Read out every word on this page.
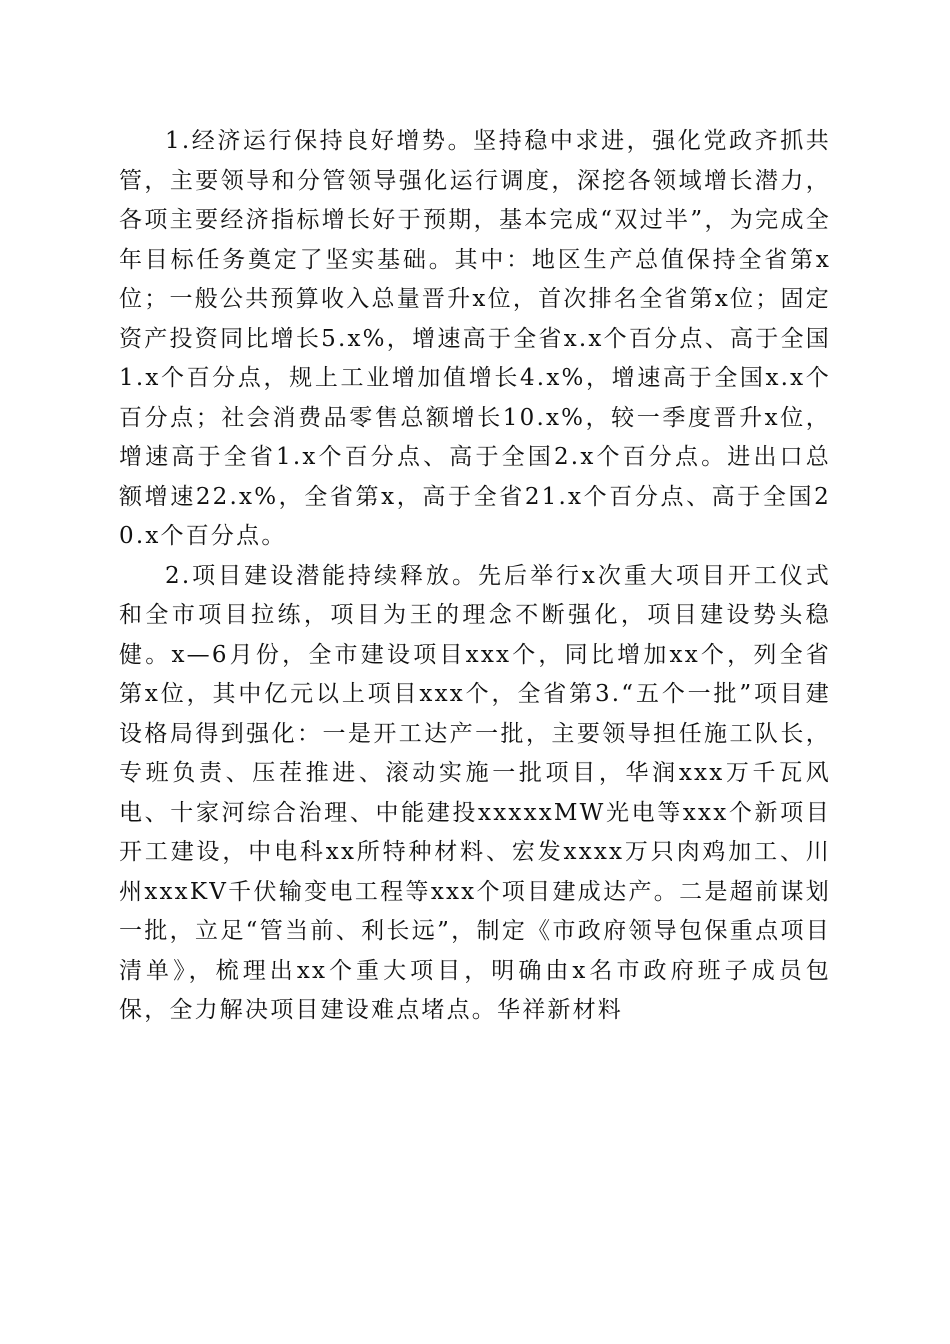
1.经济运行保持良好增势。坚持稳中求进，强化党政齐抓共管，主要领导和分管领导强化运行调度，深挖各领域增长潜力，各项主要经济指标增长好于预期，基本完成“双过半”，为完成全年目标任务奠定了坚实基础。其中：地区生产总值保持全省第x位；一般公共预算收入总量晋升x位，首次排名全省第x位；固定资产投资同比增长5.x%，增速高于全省x.x个百分点、高于全国1.x个百分点，规上工业增加值增长4.x%，增速高于全国x.x个百分点；社会消费品零售总额增长10.x%，较一季度晋升x位，增速高于全省1.x个百分点、高于全国2.x个百分点。进出口总额增速22.x%，全省第x，高于全省21.x个百分点、高于全国20.x个百分点。

2.项目建设潜能持续释放。先后举行x次重大项目开工仪式和全市项目拉练，项目为王的理念不断强化，项目建设势头稳健。x—6月份，全市建设项目xxx个，同比增加xx个，列全省第x位，其中亿元以上项目xxx个，全省第3.“五个一批”项目建设格局得到强化：一是开工达产一批，主要领导担任施工队长，专班负责、压茬推进、滚动实施一批项目，华润xxx万千瓦风电、十家河综合治理、中能建投xxxxxMW光电等xxx个新项目开工建设，中电科xx所特种材料、宏发xxxx万只肉鸡加工、川州xxxKV千伏输变电工程等xxx个项目建成达产。二是超前谋划一批，立足“管当前、利长远”，制定《市政府领导包保重点项目清单》，梳理出xx个重大项目，明确由x名市政府班子成员包保，全力解决项目建设难点堵点。华祥新材料
